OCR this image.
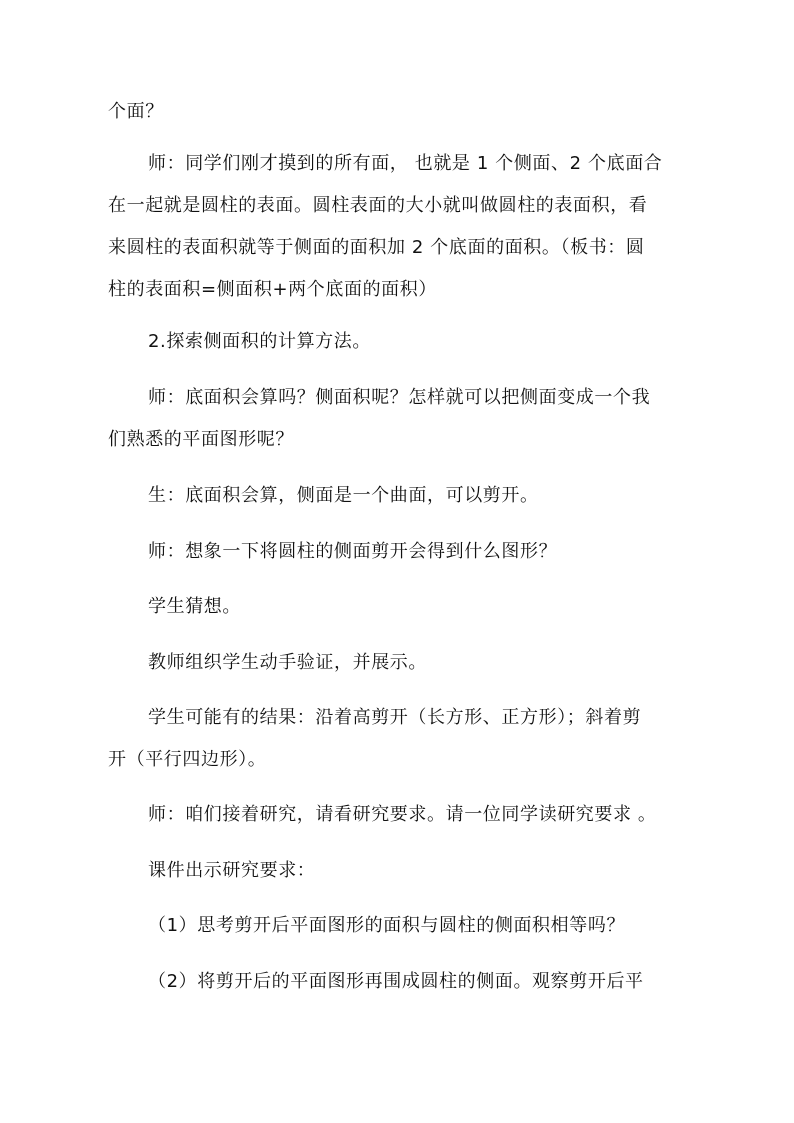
个面？
师：同学们刚才摸到的所有面， 也就是 1 个侧面、2 个底面合
在一起就是圆柱的表面。圆柱表面的大小就叫做圆柱的表面积，看
来圆柱的表面积就等于侧面的面积加 2 个底面的面积。（板书：圆
柱的表面积=侧面积+两个底面的面积）
2.探索侧面积的计算方法。
师：底面积会算吗？侧面积呢？怎样就可以把侧面变成一个我
们熟悉的平面图形呢？
生：底面积会算，侧面是一个曲面，可以剪开。
师：想象一下将圆柱的侧面剪开会得到什么图形？
学生猜想。
教师组织学生动手验证，并展示。
学生可能有的结果：沿着高剪开（长方形、正方形）；斜着剪
开（平行四边形）。
师：咱们接着研究，请看研究要求。请一位同学读研究要求 。
课件出示研究要求：
（1）思考剪开后平面图形的面积与圆柱的侧面积相等吗？
（2）将剪开后的平面图形再围成圆柱的侧面。观察剪开后平
